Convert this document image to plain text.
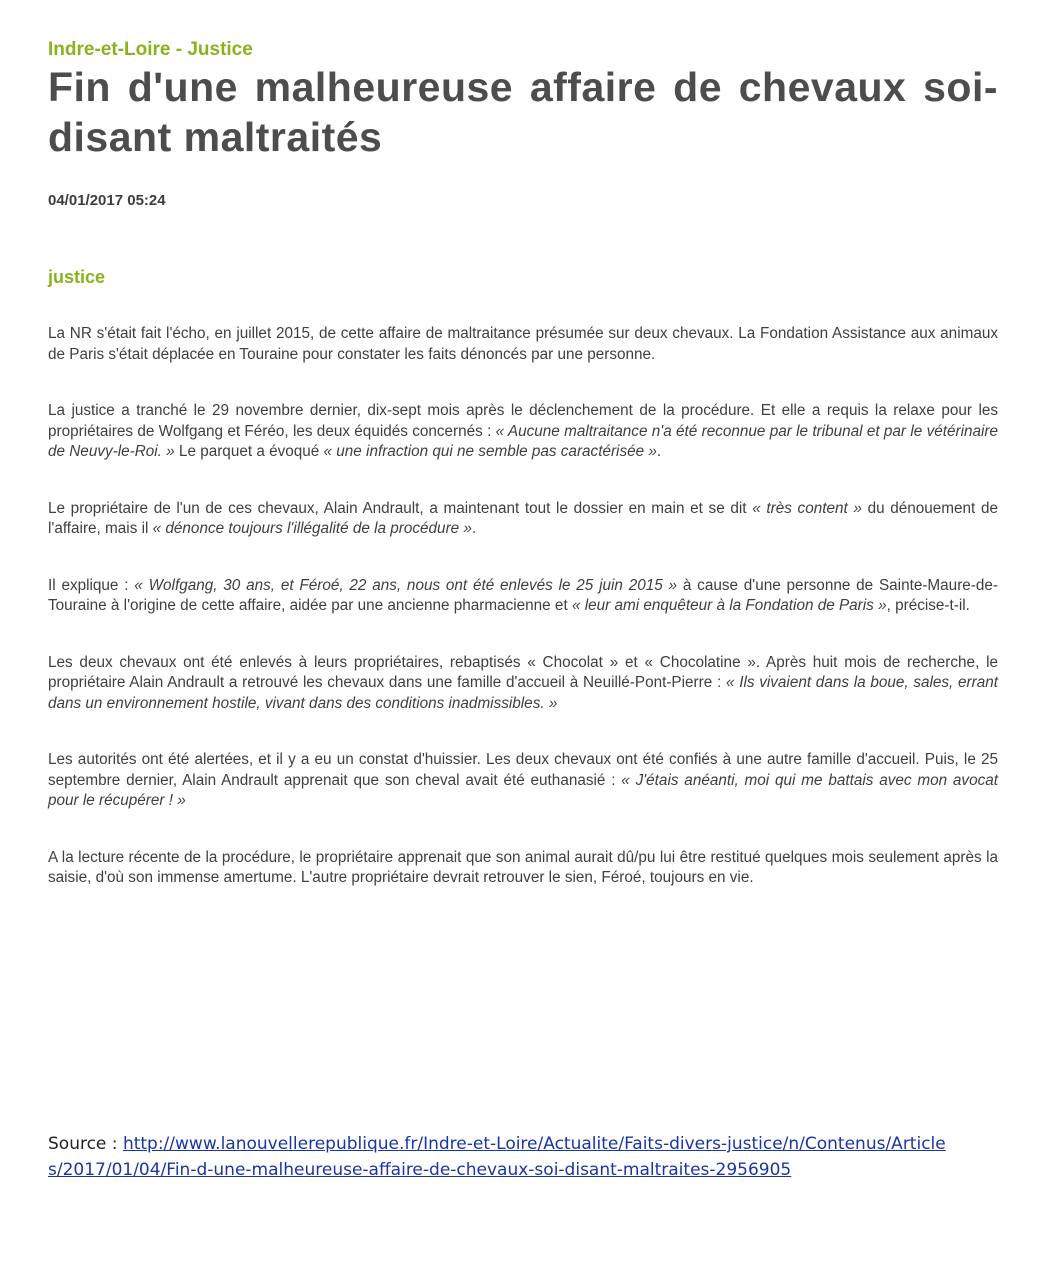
Indre-et-Loire - Justice
Fin d'une malheureuse affaire de chevaux soi-disant maltraités
04/01/2017 05:24
justice

La NR s'était fait l'écho, en juillet 2015, de cette affaire de maltraitance présumée sur deux chevaux. La Fondation Assistance aux animaux de Paris s'était déplacée en Touraine pour constater les faits dénoncés par une personne.

La justice a tranché le 29 novembre dernier, dix-sept mois après le déclenchement de la procédure. Et elle a requis la relaxe pour les propriétaires de Wolfgang et Féréo, les deux équidés concernés : « Aucune maltraitance n'a été reconnue par le tribunal et par le vétérinaire de Neuvy-le-Roi. » Le parquet a évoqué « une infraction qui ne semble pas caractérisée ».

Le propriétaire de l'un de ces chevaux, Alain Andrault, a maintenant tout le dossier en main et se dit « très content » du dénouement de l'affaire, mais il « dénonce toujours l'illégalité de la procédure ».

Il explique : « Wolfgang, 30 ans, et Féroé, 22 ans, nous ont été enlevés le 25 juin 2015 » à cause d'une personne de Sainte-Maure-de-Touraine à l'origine de cette affaire, aidée par une ancienne pharmacienne et « leur ami enquêteur à la Fondation de Paris », précise-t-il.

Les deux chevaux ont été enlevés à leurs propriétaires, rebaptisés « Chocolat » et « Chocolatine ». Après huit mois de recherche, le propriétaire Alain Andrault a retrouvé les chevaux dans une famille d'accueil à Neuillé-Pont-Pierre : « Ils vivaient dans la boue, sales, errant dans un environnement hostile, vivant dans des conditions inadmissibles. »

Les autorités ont été alertées, et il y a eu un constat d'huissier. Les deux chevaux ont été confiés à une autre famille d'accueil. Puis, le 25 septembre dernier, Alain Andrault apprenait que son cheval avait été euthanasié : « J'étais anéanti, moi qui me battais avec mon avocat pour le récupérer ! »

A la lecture récente de la procédure, le propriétaire apprenait que son animal aurait dû/pu lui être restitué quelques mois seulement après la saisie, d'où son immense amertume. L'autre propriétaire devrait retrouver le sien, Féroé, toujours en vie.

Source : http://www.lanouvellerepublique.fr/Indre-et-Loire/Actualite/Faits-divers-justice/n/Contenus/Articles/2017/01/04/Fin-d-une-malheureuse-affaire-de-chevaux-soi-disant-maltraites-2956905
